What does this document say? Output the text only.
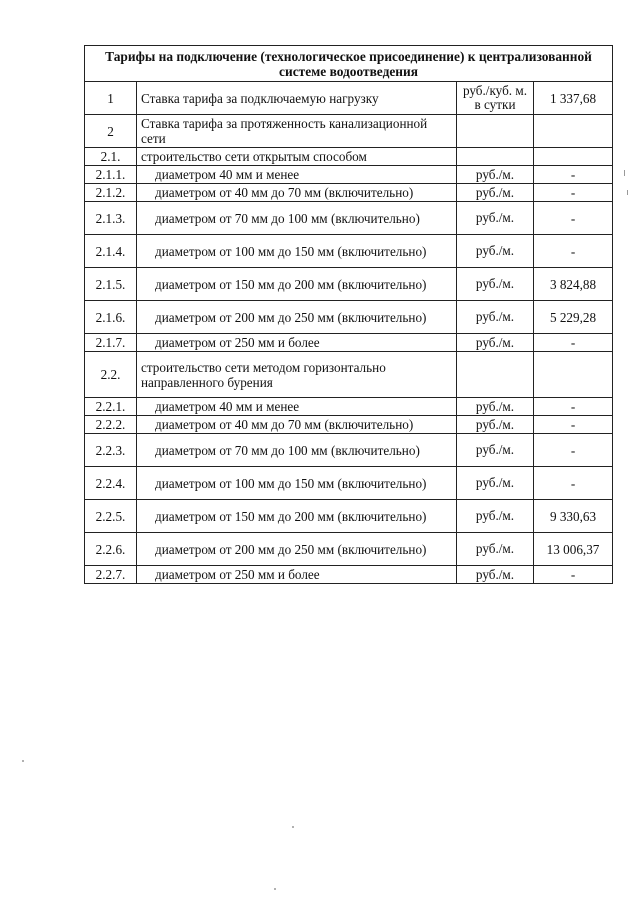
Тарифы на подключение (технологическое присоединение) к централизованной системе водоотведения			
1	Ставка тарифа за подключаемую нагрузку	руб./куб. м. в сутки	1 337,68
2	Ставка тарифа за протяженность канализационной сети		
2.1.	строительство сети открытым способом		
2.1.1.	диаметром 40 мм и менее	руб./м.	-
2.1.2.	диаметром от 40 мм до 70 мм (включительно)	руб./м.	-
2.1.3.	диаметром от 70 мм до 100 мм (включительно)	руб./м.	-
2.1.4.	диаметром от 100 мм до 150 мм (включительно)	руб./м.	-
2.1.5.	диаметром от 150 мм до 200 мм (включительно)	руб./м.	3 824,88
2.1.6.	диаметром от 200 мм до 250 мм (включительно)	руб./м.	5 229,28
2.1.7.	диаметром от 250 мм и более	руб./м.	-
2.2.	строительство сети методом горизонтально направленного бурения		
2.2.1.	диаметром 40 мм и менее	руб./м.	-
2.2.2.	диаметром от 40 мм до 70 мм (включительно)	руб./м.	-
2.2.3.	диаметром от 70 мм до 100 мм (включительно)	руб./м.	-
2.2.4.	диаметром от 100 мм до 150 мм (включительно)	руб./м.	-
2.2.5.	диаметром от 150 мм до 200 мм (включительно)	руб./м.	9 330,63
2.2.6.	диаметром от 200 мм до 250 мм (включительно)	руб./м.	13 006,37
2.2.7.	диаметром от 250 мм и более	руб./м.	-
